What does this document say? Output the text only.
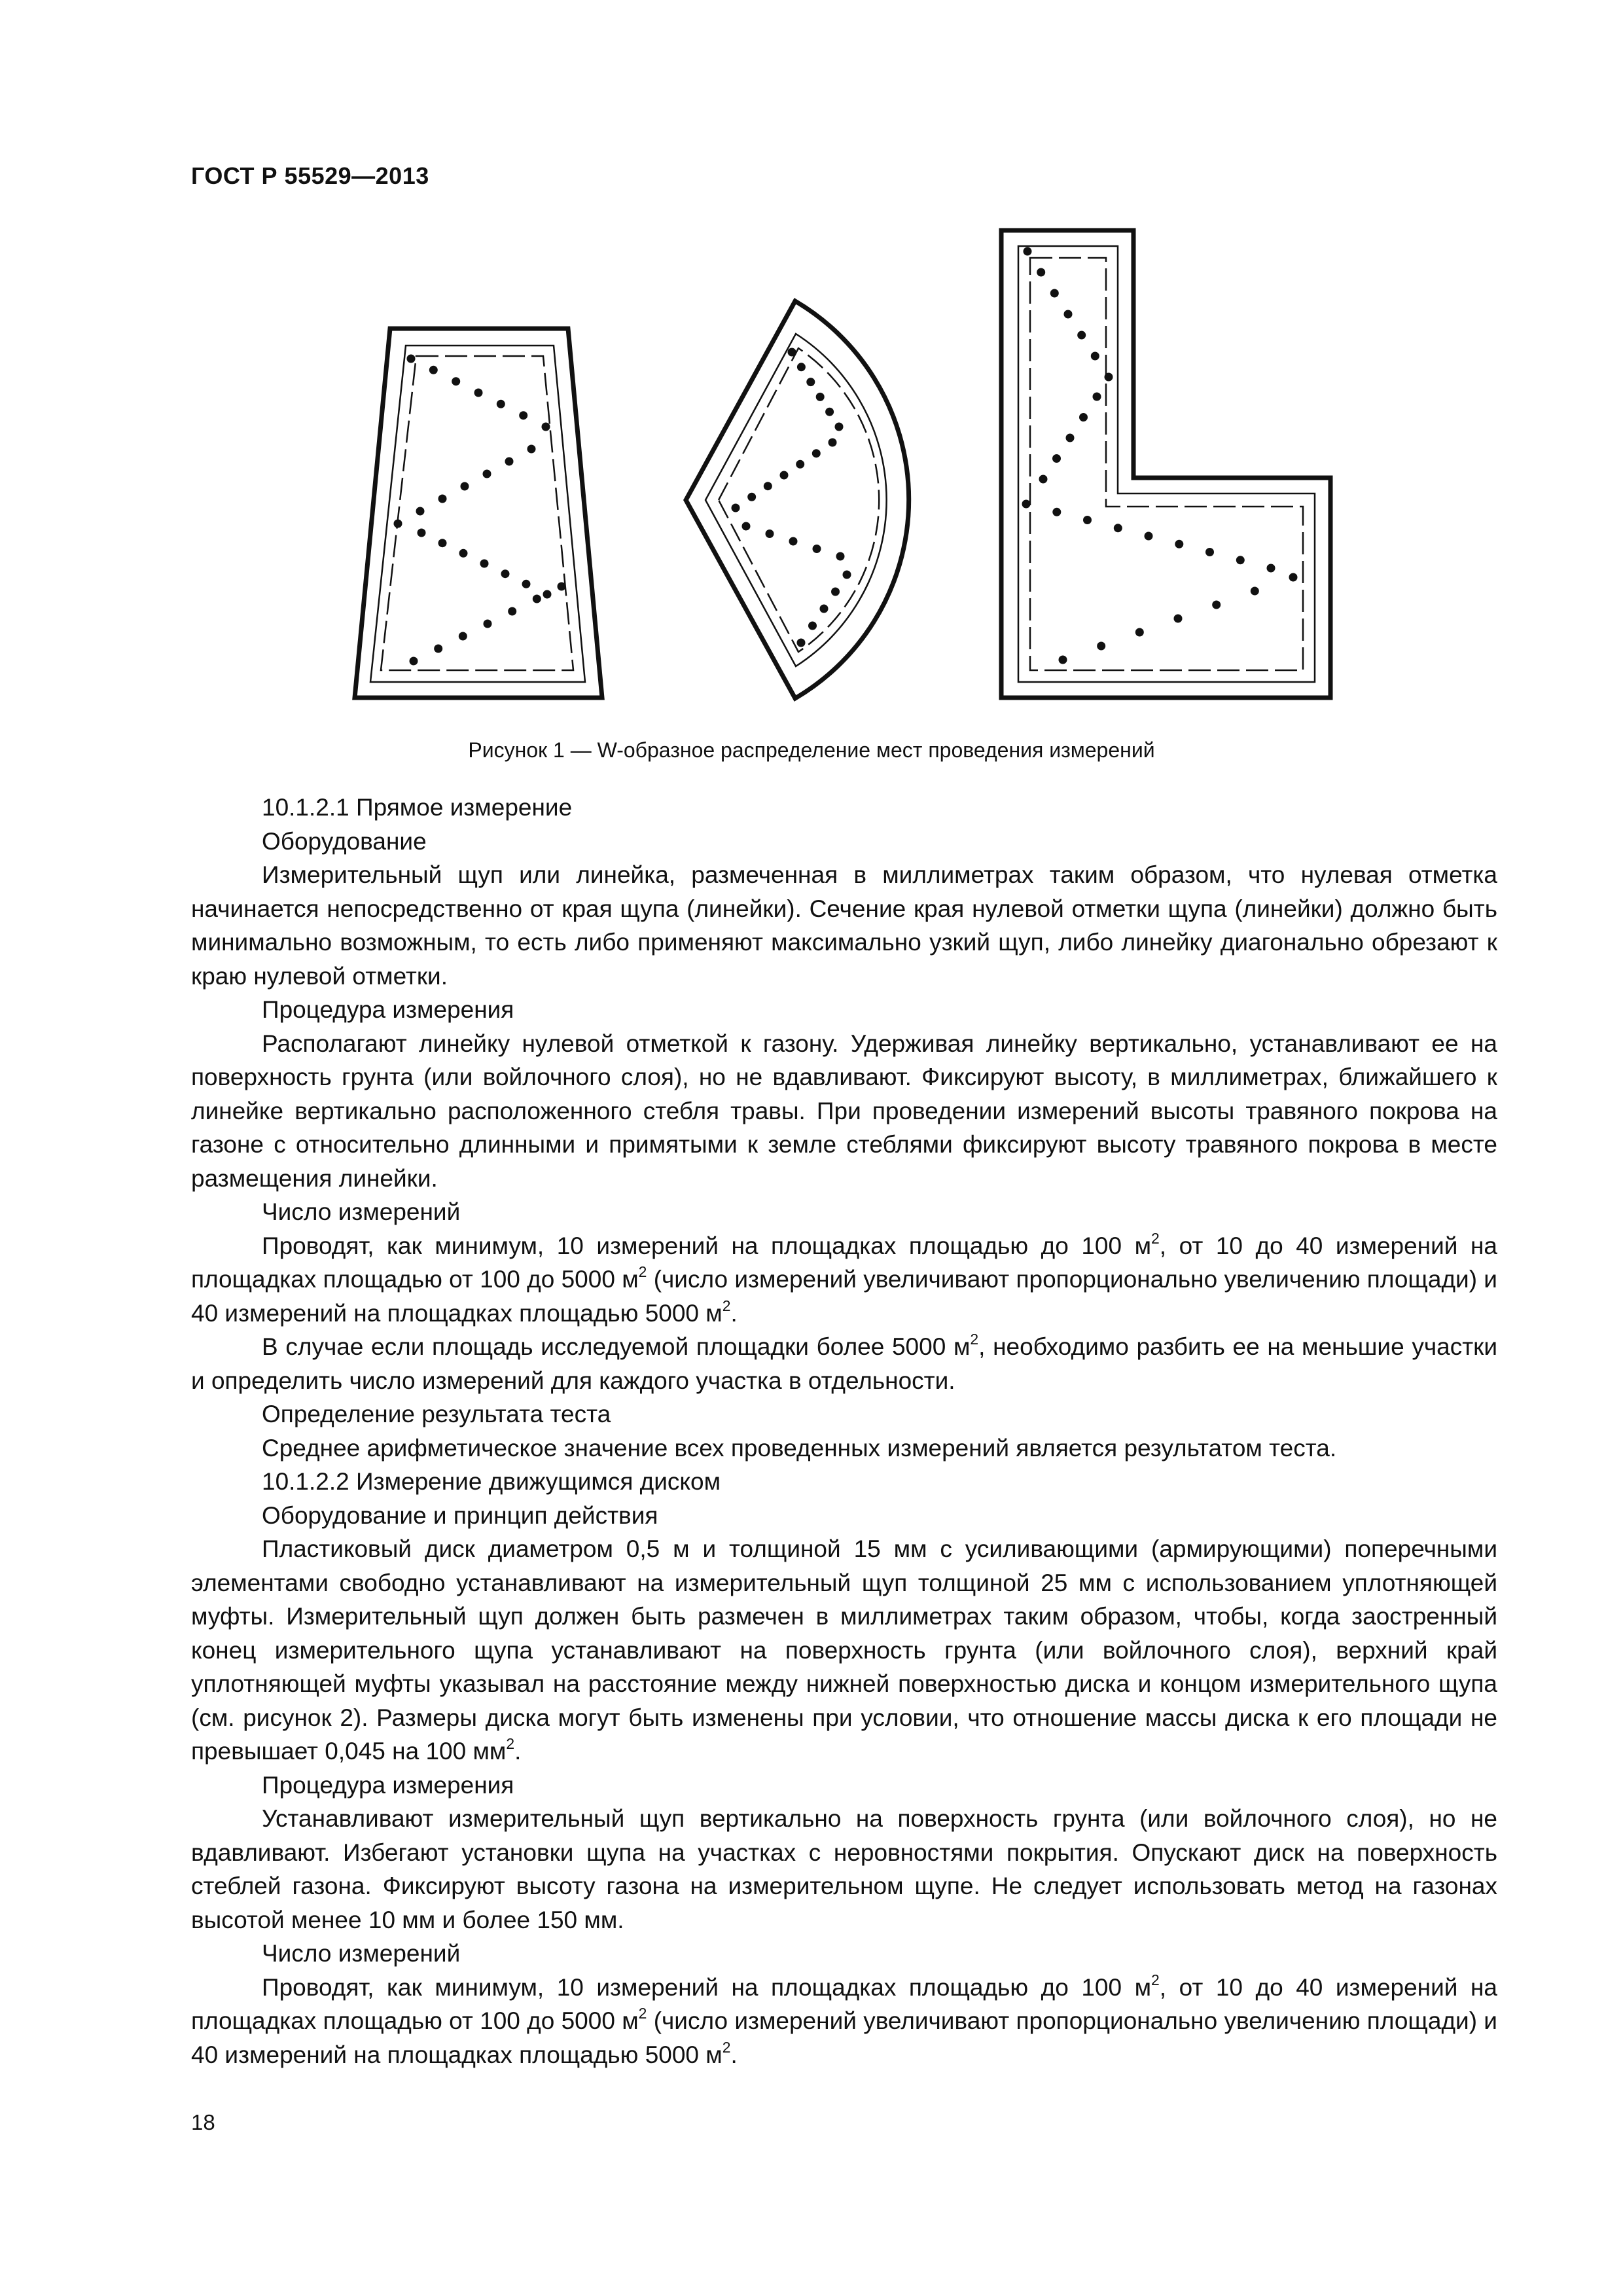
ГОСТ Р 55529—2013
Рисунок 1 — W-образное распределение мест проведения измерений

10.1.2.1 Прямое измерение

Оборудование

Измерительный щуп или линейка, размеченная в миллиметрах таким образом, что нулевая отметка начинается непосредственно от края щупа (линейки). Сечение края нулевой отметки щупа (линейки) должно быть минимально возможным, то есть либо применяют максимально узкий щуп, либо линейку диагонально обрезают к краю нулевой отметки.

Процедура измерения

Располагают линейку нулевой отметкой к газону. Удерживая линейку вертикально, устанавливают ее на поверхность грунта (или войлочного слоя), но не вдавливают. Фиксируют высоту, в миллиметрах, ближайшего к линейке вертикально расположенного стебля травы. При проведении измерений высоты травяного покрова на газоне с относительно длинными и примятыми к земле стеблями фиксируют высоту травяного покрова в месте размещения линейки.

Число измерений

Проводят, как минимум, 10 измерений на площадках площадью до 100 $м^2$, от 10 до 40 измерений на площадках площадью от 100 до 5000 $м^2$ (число измерений увеличивают пропорционально увеличению площади) и 40 измерений на площадках площадью 5000 $м^2$.

В случае если площадь исследуемой площадки более 5000 $м^2$, необходимо разбить ее на меньшие участки и определить число измерений для каждого участка в отдельности.

Определение результата теста

Среднее арифметическое значение всех проведенных измерений является результатом теста.

10.1.2.2 Измерение движущимся диском

Оборудование и принцип действия

Пластиковый диск диаметром 0,5 м и толщиной 15 мм с усиливающими (армирующими) поперечными элементами свободно устанавливают на измерительный щуп толщиной 25 мм с использованием уплотняющей муфты. Измерительный щуп должен быть размечен в миллиметрах таким образом, чтобы, когда заостренный конец измерительного щупа устанавливают на поверхность грунта (или войлочного слоя), верхний край уплотняющей муфты указывал на расстояние между нижней поверхностью диска и концом измерительного щупа (см. рисунок 2). Размеры диска могут быть изменены при условии, что отношение массы диска к его площади не превышает 0,045 на 100 $мм^2$.

Процедура измерения

Устанавливают измерительный щуп вертикально на поверхность грунта (или войлочного слоя), но не вдавливают. Избегают установки щупа на участках с неровностями покрытия. Опускают диск на поверхность стеблей газона. Фиксируют высоту газона на измерительном щупе. Не следует использовать метод на газонах высотой менее 10 мм и более 150 мм.

Число измерений

Проводят, как минимум, 10 измерений на площадках площадью до 100 $м^2$, от 10 до 40 измерений на площадках площадью от 100 до 5000 $м^2$ (число измерений увеличивают пропорционально увеличению площади) и 40 измерений на площадках площадью 5000 $м^2$.

18
